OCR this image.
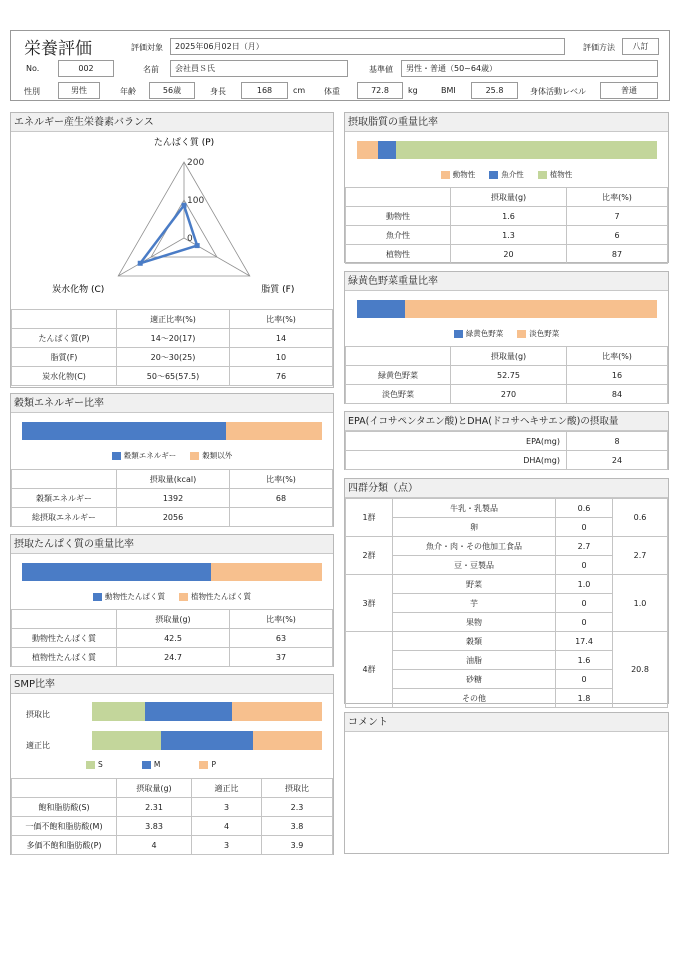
栄養評価	評価対象	2025年06月02日（月）	評価方法	八訂
No.	002	名前	会社員Ｓ氏	基準値	男性・普通（50~64歳）
性別	男性	年齢	56歳	身長	168	cm 体重	72.8	kg	BMI	25.8	身体活動レベル	普通
エネルギー産生栄養素バランス
200
100
0
たんぱく質 (P)
脂質 (F)
炭水化物 (C)
	適正比率(%)	比率(%)
たんぱく質(P)	14～20(17)	14
脂質(F)	20～30(25)	10
炭水化物(C)	50～65(57.5)	76
穀類エネルギー比率
穀類エネルギー	穀類以外
	摂取量(kcal)	比率(%)
穀類エネルギー	1392	68
総摂取エネルギー	2056	
摂取たんぱく質の重量比率
動物性たんぱく質	植物性たんぱく質
	摂取量(g)	比率(%)
動物性たんぱく質	42.5	63
植物性たんぱく質	24.7	37
SMP比率
摂取比
適正比
S	M	P
	摂取量(g)	適正比	摂取比
飽和脂肪酸(S)	2.31	3	2.3
一価不飽和脂肪酸(M)	3.83	4	3.8
多価不飽和脂肪酸(P)	4	3	3.9
摂取脂質の重量比率
動物性	魚介性	植物性
	摂取量(g)	比率(%)
動物性	1.6	7
魚介性	1.3	6
植物性	20	87
緑黄色野菜重量比率
緑黄色野菜	淡色野菜
	摂取量(g)	比率(%)
緑黄色野菜	52.75	16
淡色野菜	270	84
EPA(イコサペンタエン酸)とDHA(ドコサヘキサエン酸)の摂取量
EPA(mg)	8
DHA(mg)	24
四群分類（点）
1群	牛乳・乳製品	0.6	0.6
	卵	0	
2群	魚介・肉・その他加工食品	2.7	2.7
	豆・豆製品	0	
3群	野菜	1.0	1.0
	芋	0	
	果物	0	
4群	穀類	17.4	20.8
	油脂	1.6	
	砂糖	0	
	その他	1.8	
コメント
